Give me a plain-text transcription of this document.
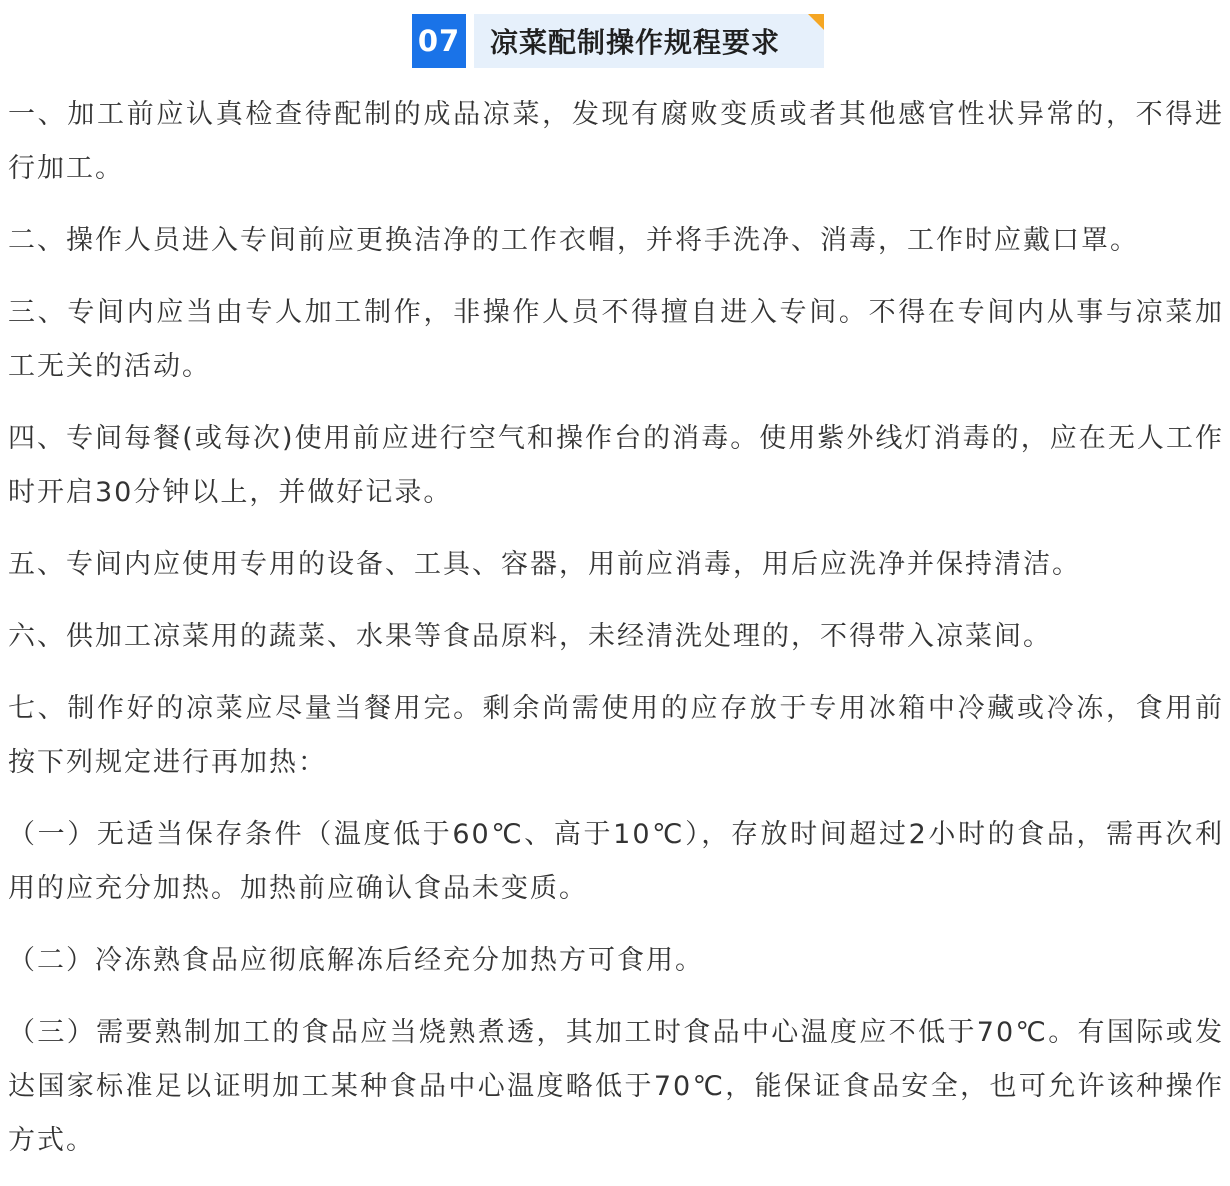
07 凉菜配制操作规程要求

一、加工前应认真检查待配制的成品凉菜，发现有腐败变质或者其他感官性状异常的，不得进行加工。

二、操作人员进入专间前应更换洁净的工作衣帽，并将手洗净、消毒，工作时应戴口罩。

三、专间内应当由专人加工制作，非操作人员不得擅自进入专间。不得在专间内从事与凉菜加工无关的活动。

四、专间每餐(或每次)使用前应进行空气和操作台的消毒。使用紫外线灯消毒的，应在无人工作时开启30分钟以上，并做好记录。

五、专间内应使用专用的设备、工具、容器，用前应消毒，用后应洗净并保持清洁。

六、供加工凉菜用的蔬菜、水果等食品原料，未经清洗处理的，不得带入凉菜间。

七、制作好的凉菜应尽量当餐用完。剩余尚需使用的应存放于专用冰箱中冷藏或冷冻，食用前按下列规定进行再加热：

（一）无适当保存条件（温度低于60℃、高于10℃），存放时间超过2小时的食品，需再次利用的应充分加热。加热前应确认食品未变质。

（二）冷冻熟食品应彻底解冻后经充分加热方可食用。

（三）需要熟制加工的食品应当烧熟煮透，其加工时食品中心温度应不低于70℃。有国际或发达国家标准足以证明加工某种食品中心温度略低于70℃，能保证食品安全，也可允许该种操作方式。
